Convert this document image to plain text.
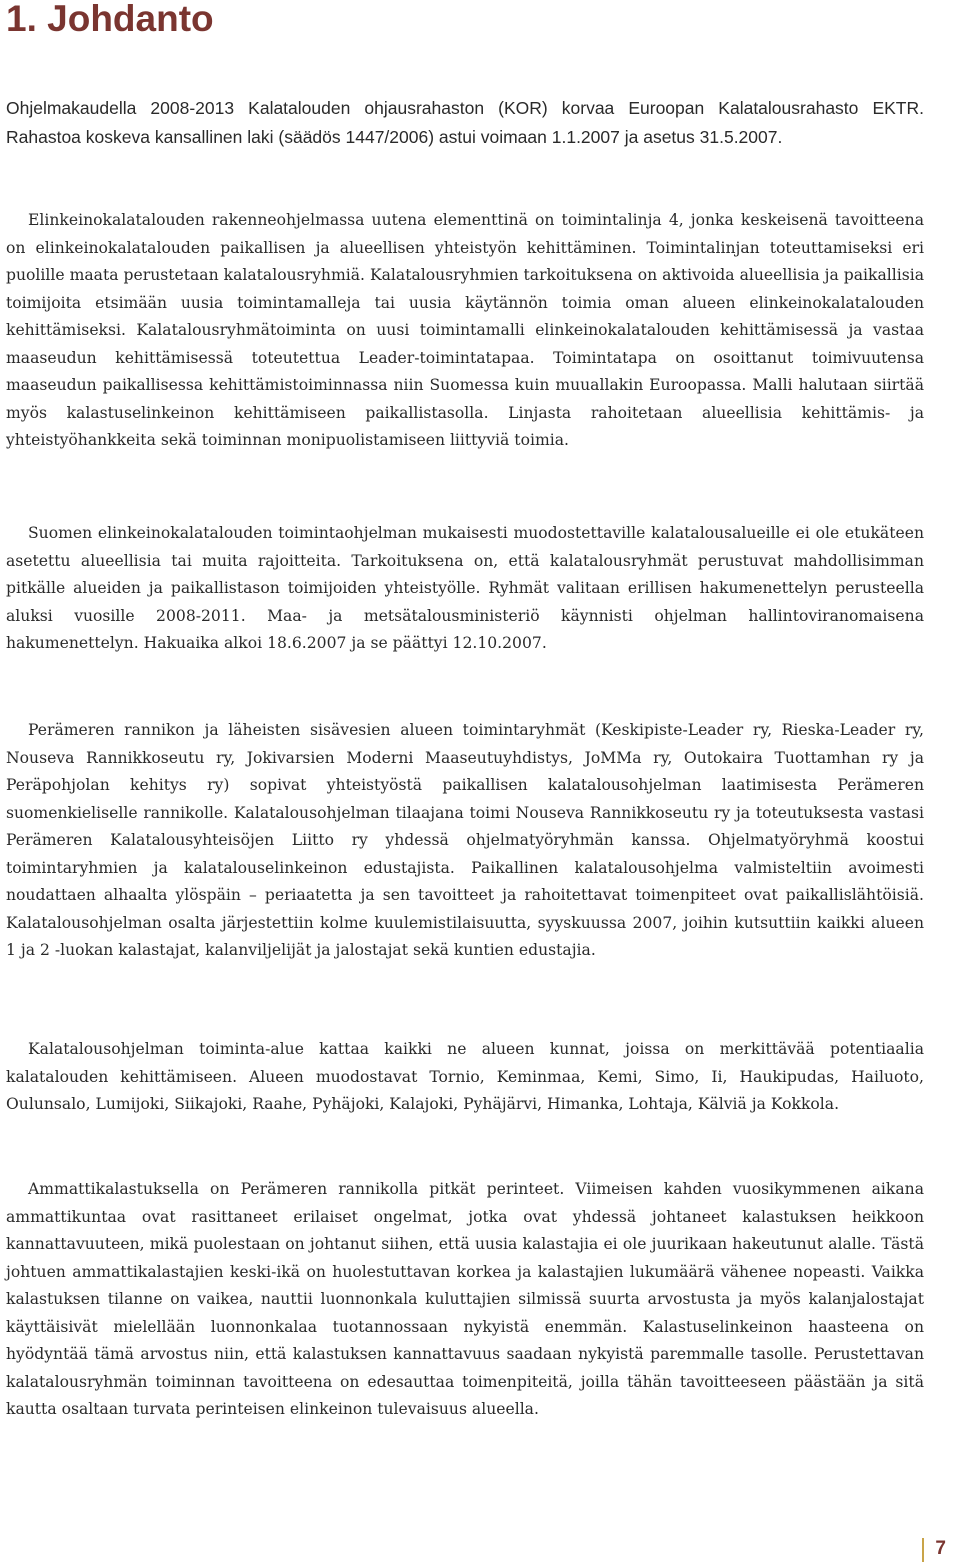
1. Johdanto

Ohjelmakaudella 2008-2013 Kalatalouden ohjausrahaston (KOR) korvaa Euroopan Kalatalousrahasto EKTR. Rahastoa koskeva kansallinen laki (säädös 1447/2006) astui voimaan 1.1.2007 ja asetus 31.5.2007.

Elinkeinokalatalouden rakenneohjelmassa uutena elementtinä on toimintalinja 4, jonka keskeisenä tavoitteena on elinkeinokalatalouden paikallisen ja alueellisen yhteistyön kehittäminen. Toimintalinjan toteuttamiseksi eri puolille maata perustetaan kalatalousryhmiä. Kalatalousryhmien tarkoituksena on aktivoida alueellisia ja paikallisia toimijoita etsimään uusia toimintamalleja tai uusia käytännön toimia oman alueen elinkeinokalatalouden kehittämiseksi. Kalatalousryhmätoiminta on uusi toimintamalli elinkeinokalatalouden kehittämisessä ja vastaa maaseudun kehittämisessä toteutettua Leader-toimintatapaa. Toimintatapa on osoittanut toimivuutensa maaseudun paikallisessa kehittämistoiminnassa niin Suomessa kuin muuallakin Euroopassa. Malli halutaan siirtää myös kalastuselinkeinon kehittämiseen paikallistasolla. Linjasta rahoitetaan alueellisia kehittämis- ja yhteistyöhankkeita sekä toiminnan monipuolistamiseen liittyviä toimia.

Suomen elinkeinokalatalouden toimintaohjelman mukaisesti muodostettaville kalatalousalueille ei ole etukäteen asetettu alueellisia tai muita rajoitteita. Tarkoituksena on, että kalatalousryhmät perustuvat mahdollisimman pitkälle alueiden ja paikallistason toimijoiden yhteistyölle. Ryhmät valitaan erillisen hakumenettelyn perusteella aluksi vuosille 2008-2011. Maa- ja metsätalousministeriö käynnisti ohjelman hallintoviranomaisena hakumenettelyn. Hakuaika alkoi 18.6.2007 ja se päättyi 12.10.2007.

Perämeren rannikon ja läheisten sisävesien alueen toimintaryhmät (Keskipiste-Leader ry, Rieska-Leader ry, Nouseva Rannikkoseutu ry, Jokivarsien Moderni Maaseutuyhdistys, JoMMa ry, Outokaira Tuottamhan ry ja Peräpohjolan kehitys ry) sopivat yhteistyöstä paikallisen kalatalousohjelman laatimisesta Perämeren suomenkieliselle rannikolle. Kalatalousohjelman tilaajana toimi Nouseva Rannikkoseutu ry ja toteutuksesta vastasi Perämeren Kalatalousyhteisöjen Liitto ry yhdessä ohjelmatyöryhmän kanssa. Ohjelmatyöryhmä koostui toimintaryhmien ja kalatalouselinkeinon edustajista. Paikallinen kalatalousohjelma valmisteltiin avoimesti noudattaen alhaalta ylöspäin – periaatetta ja sen tavoitteet ja rahoitettavat toimenpiteet ovat paikallislähtöisiä. Kalatalousohjelman osalta järjestettiin kolme kuulemistilaisuutta, syyskuussa 2007, joihin kutsuttiin kaikki alueen 1 ja 2 -luokan kalastajat, kalanviljelijät ja jalostajat sekä kuntien edustajia.

Kalatalousohjelman toiminta-alue kattaa kaikki ne alueen kunnat, joissa on merkittävää potentiaalia kalatalouden kehittämiseen. Alueen muodostavat Tornio, Keminmaa, Kemi, Simo, Ii, Haukipudas, Hailuoto, Oulunsalo, Lumijoki, Siikajoki, Raahe, Pyhäjoki, Kalajoki, Pyhäjärvi, Himanka, Lohtaja, Kälviä ja Kokkola.

Ammattikalastuksella on Perämeren rannikolla pitkät perinteet. Viimeisen kahden vuosikymmenen aikana ammattikuntaa ovat rasittaneet erilaiset ongelmat, jotka ovat yhdessä johtaneet kalastuksen heikkoon kannattavuuteen, mikä puolestaan on johtanut siihen, että uusia kalastajia ei ole juurikaan hakeutunut alalle. Tästä johtuen ammattikalastajien keski-ikä on huolestuttavan korkea ja kalastajien lukumäärä vähenee nopeasti. Vaikka kalastuksen tilanne on vaikea, nauttii luonnonkala kuluttajien silmissä suurta arvostusta ja myös kalanjalostajat käyttäisivät mielellään luonnonkalaa tuotannossaan nykyistä enemmän. Kalastuselinkeinon haasteena on hyödyntää tämä arvostus niin, että kalastuksen kannattavuus saadaan nykyistä paremmalle tasolle. Perustettavan kalatalousryhmän toiminnan tavoitteena on edesauttaa toimenpiteitä, joilla tähän tavoitteeseen päästään ja sitä kautta osaltaan turvata perinteisen elinkeinon tulevaisuus alueella.

7
